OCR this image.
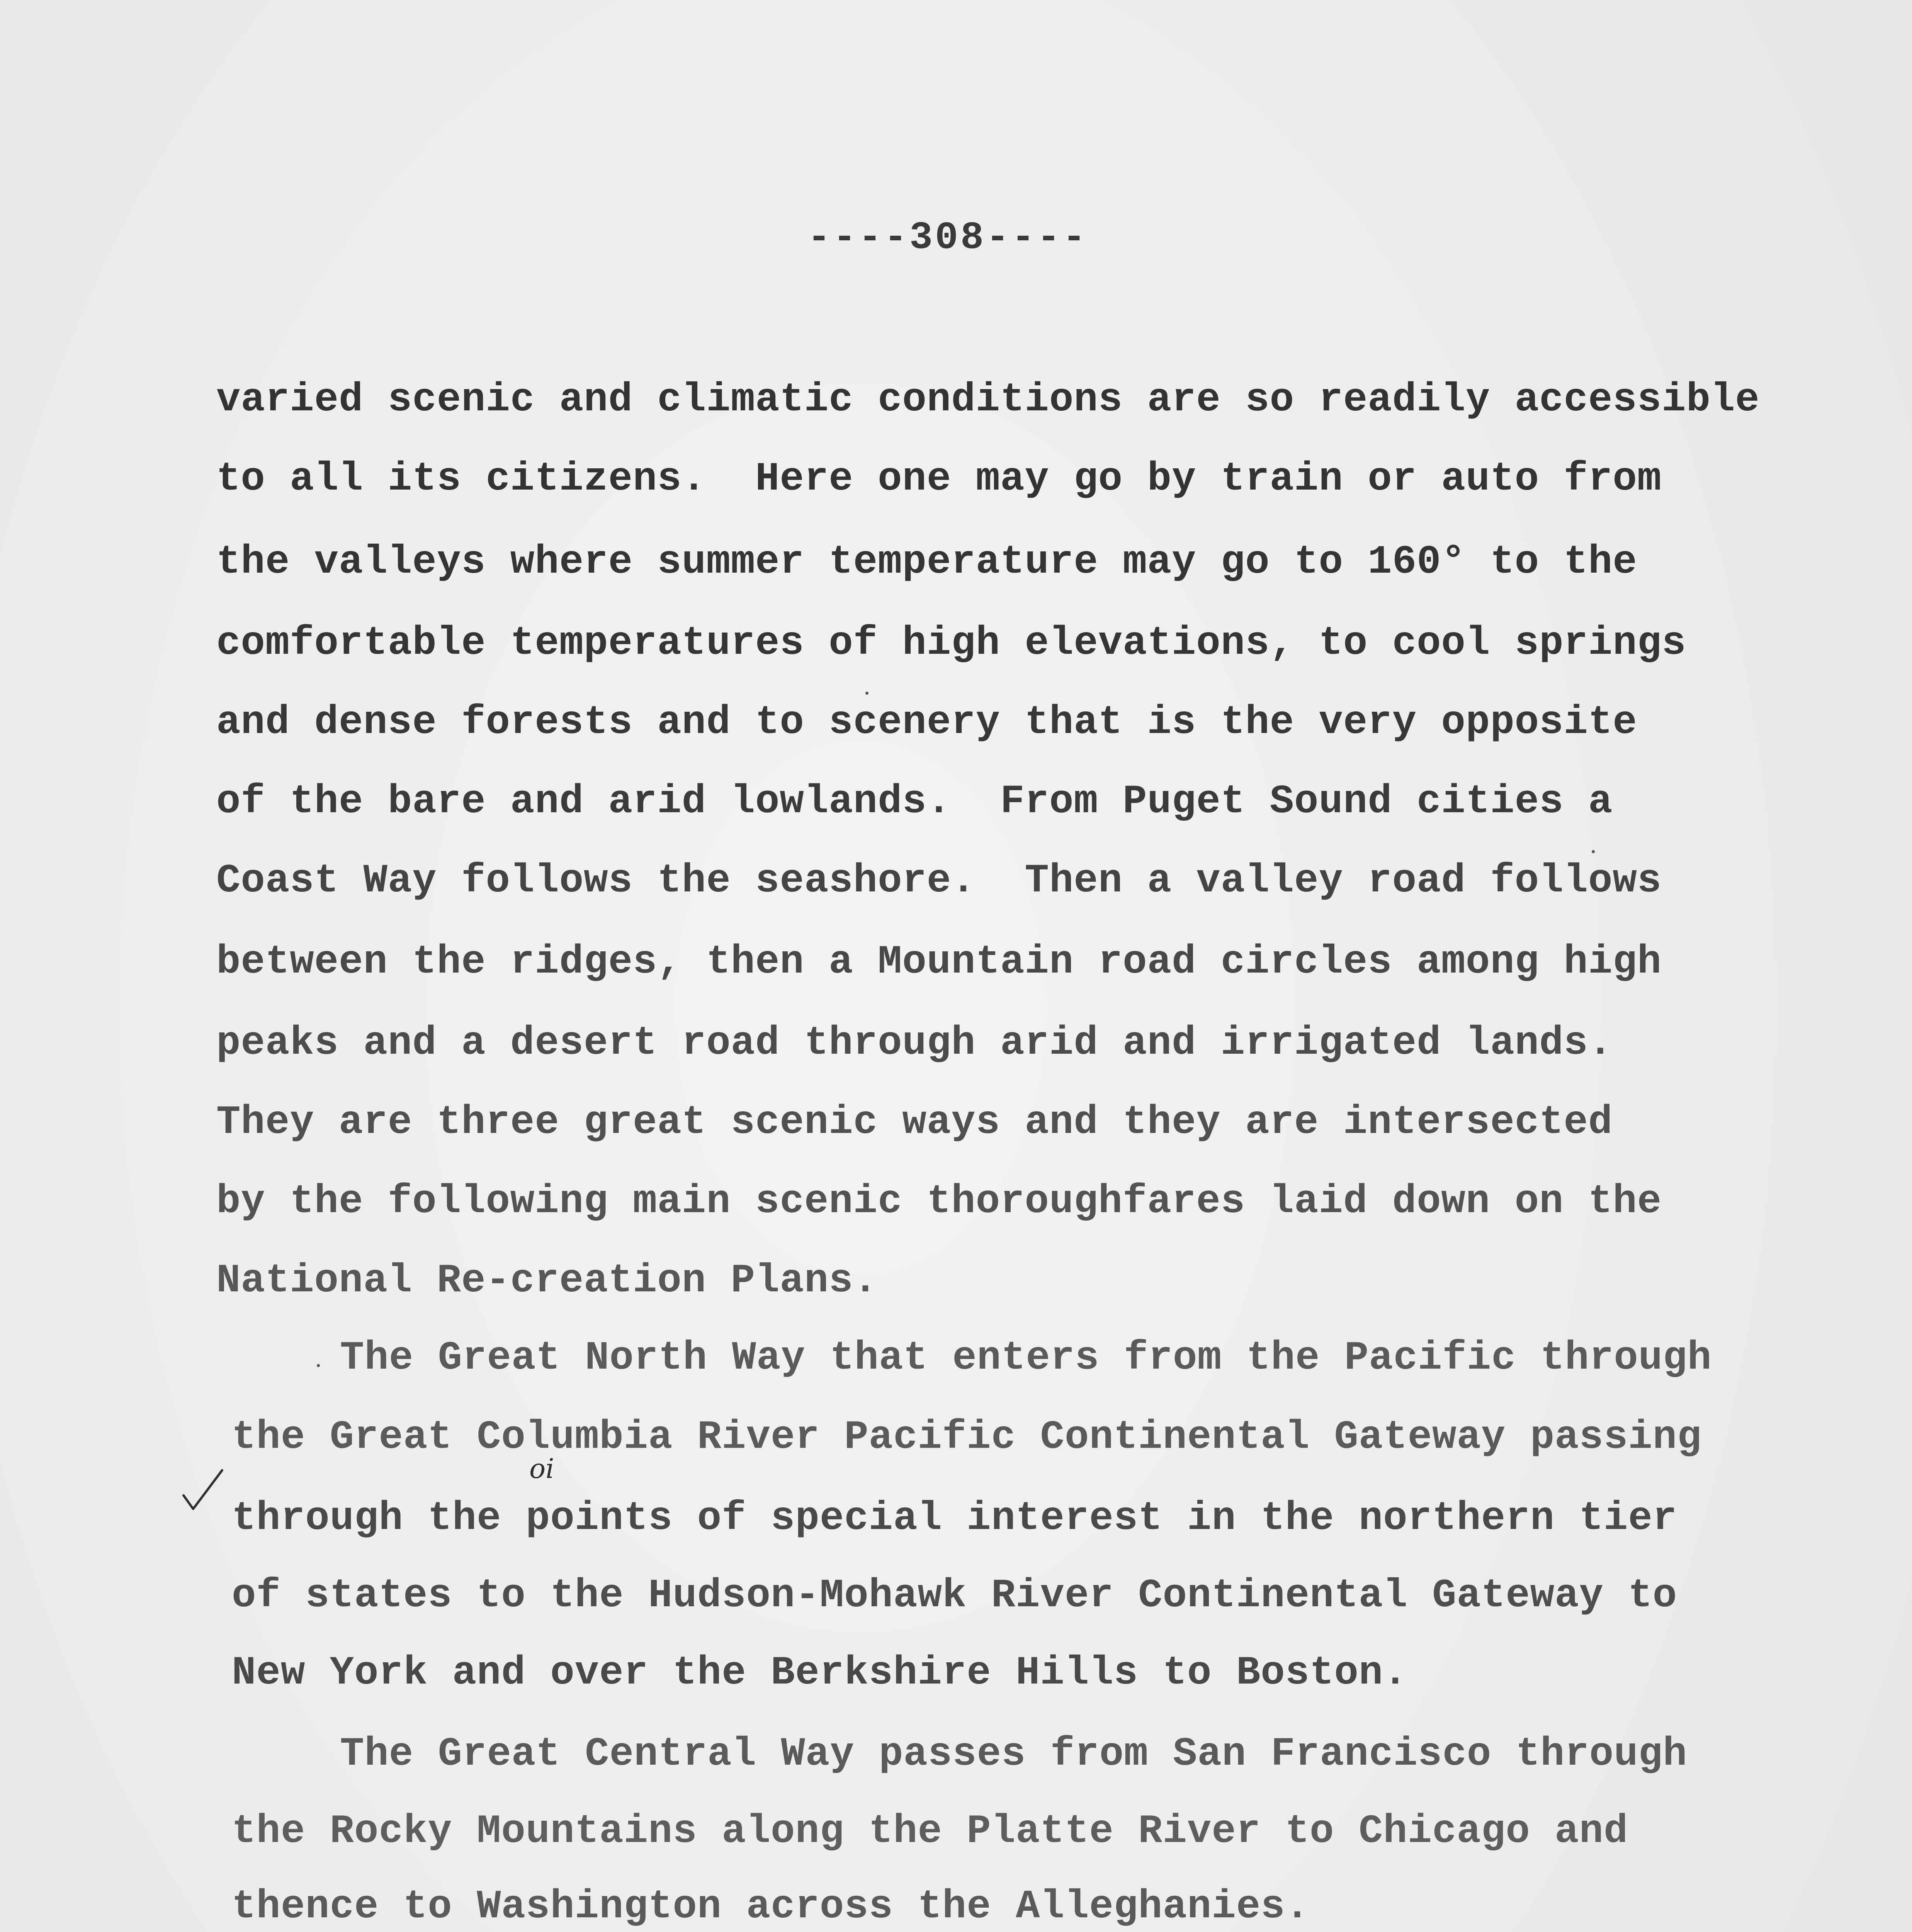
----308----
varied scenic and climatic conditions are so readily accessible
to all its citizens.  Here one may go by train or auto from
the valleys where summer temperature may go to 160° to the
comfortable temperatures of high elevations, to cool springs
and dense forests and to scenery that is the very opposite
of the bare and arid lowlands.  From Puget Sound cities a
Coast Way follows the seashore.  Then a valley road follows
between the ridges, then a Mountain road circles among high
peaks and a desert road through arid and irrigated lands.
They are three great scenic ways and they are intersected
by the following main scenic thoroughfares laid down on the
National Re-creation Plans.
The Great North Way that enters from the Pacific through
the Great Columbia River Pacific Continental Gateway passing
through the points of special interest in the northern tier
of states to the Hudson-Mohawk River Continental Gateway to
New York and over the Berkshire Hills to Boston.
The Great Central Way passes from San Francisco through
the Rocky Mountains along the Platte River to Chicago and
thence to Washington across the Alleghanies.
oi
